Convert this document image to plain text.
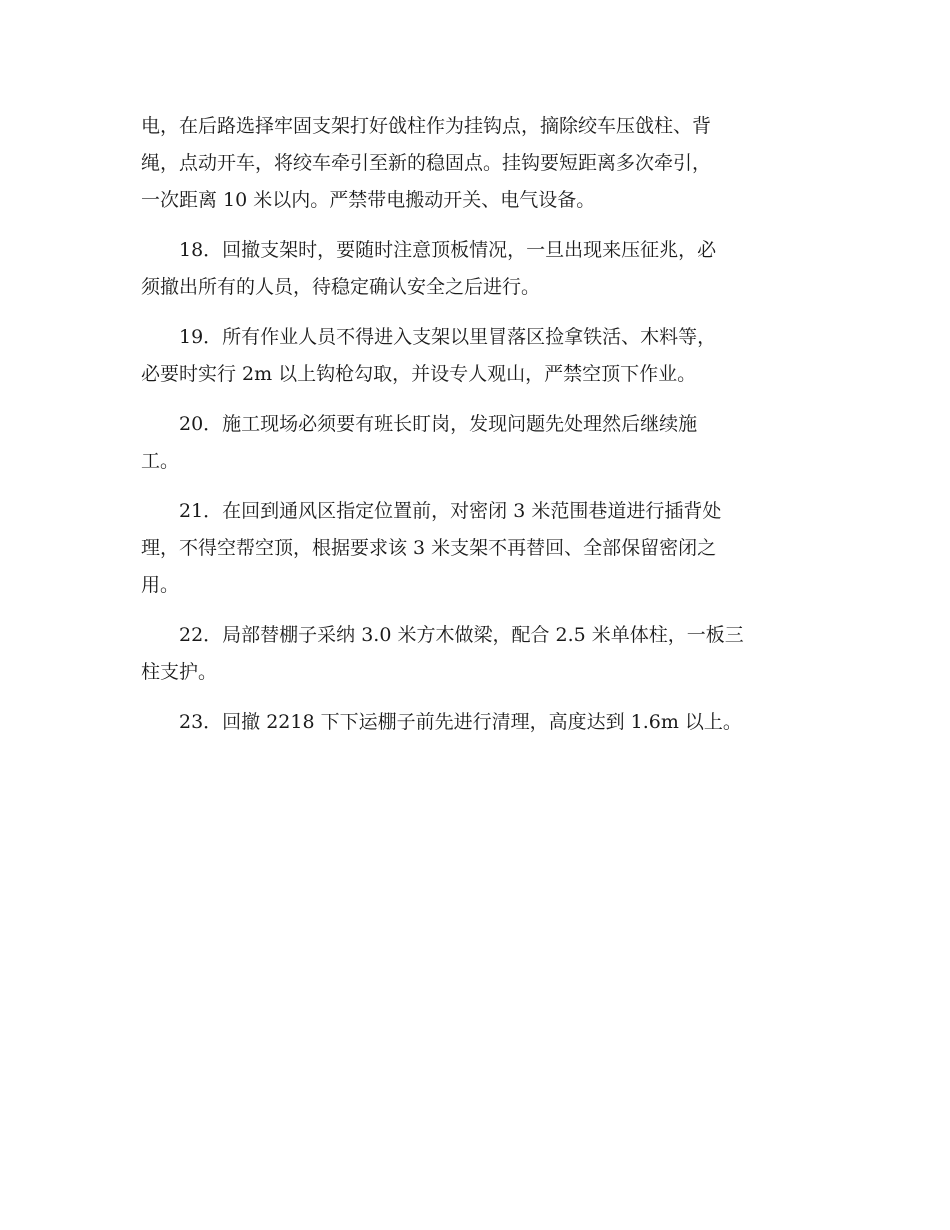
电，在后路选择牢固支架打好戗柱作为挂钩点，摘除绞车压戗柱、背
绳，点动开车，将绞车牵引至新的稳固点。挂钩要短距离多次牵引，
一次距离 10 米以内。严禁带电搬动开关、电气设备。
18．回撤支架时，要随时注意顶板情况，一旦出现来压征兆，必
须撤出所有的人员，待稳定确认安全之后进行。
19．所有作业人员不得进入支架以里冒落区捡拿铁活、木料等，
必要时实行 2m 以上钩枪勾取，并设专人观山，严禁空顶下作业。
20．施工现场必须要有班长盯岗，发现问题先处理然后继续施
工。
21．在回到通风区指定位置前，对密闭 3 米范围巷道进行插背处
理，不得空帮空顶，根据要求该 3 米支架不再替回、全部保留密闭之
用。
22．局部替棚子采纳 3.0 米方木做梁，配合 2.5 米单体柱，一板三
柱支护。
23．回撤 2218 下下运棚子前先进行清理，高度达到 1.6m 以上。
